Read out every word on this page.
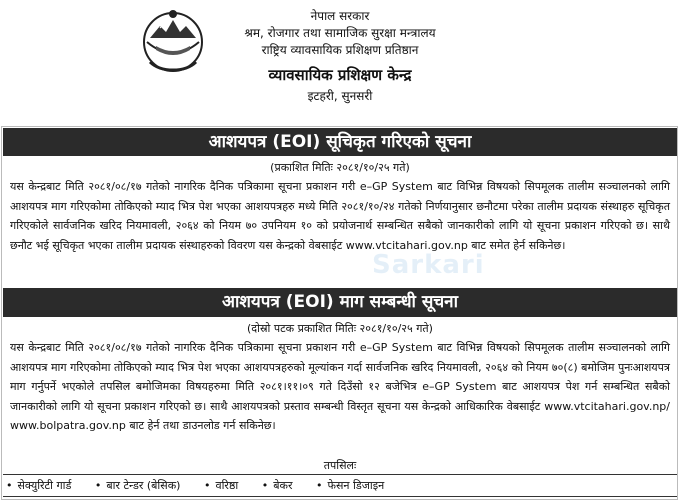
नेपाल सरकार
श्रम, रोजगार तथा सामाजिक सुरक्षा मन्त्रालय
राष्ट्रिय व्यावसायिक प्रशिक्षण प्रतिष्ठान
व्यावसायिक प्रशिक्षण केन्द्र
इटहरी, सुनसरी
आशयपत्र (EOI) सूचिकृत गरिएको सूचना
(प्रकाशित मितिः २०८१/१०/२५ गते)
यस केन्द्रबाट मिति २०८१/०८/१७ गतेको नागरिक दैनिक पत्रिकामा सूचना प्रकाशन गरी e–GP System बाट विभिन्न विषयको सिपमूलक तालीम सञ्चालनको लागि आशयपत्र माग गरिएकोमा तोकिएको म्याद भित्र पेश भएका आशयपत्रहरु मध्ये मिति २०८१/१०/२४ गतेको निर्णयानुसार छनौटमा परेका तालीम प्रदायक संस्थाहरु सूचिकृत गरिएकोले सार्वजनिक खरिद नियमावली, २०६४ को नियम ७० उपनियम १० को प्रयोजनार्थ सम्बन्धित सबैको जानकारीको लागि यो सूचना प्रकाशन गरिएको छ। साथै छनौट भई सूचिकृत भएका तालीम प्रदायक संस्थाहरुको विवरण यस केन्द्रको वेबसाईट www.vtcitahari.gov.np बाट समेत हेर्न सकिनेछ।
Sarkari
आशयपत्र (EOI) माग सम्बन्धी सूचना
(दोस्रो पटक प्रकाशित मितिः २०८१/१०/२५ गते)
यस केन्द्रबाट मिति २०८१/०८/१७ गतेको नागरिक दैनिक पत्रिकामा सूचना प्रकाशन गरी e–GP System बाट विभिन्न विषयको सिपमूलक तालीम सञ्चालनको लागि आशयपत्र माग गरिएकोमा तोकिएको म्याद भित्र पेश भएका आशयपत्रहरुको मूल्यांकन गर्दा सार्वजनिक खरिद नियमावली, २०६४ को नियम ७०(८) बमोजिम पुनःआशयपत्र माग गर्नुपर्ने भएकोले तपसिल बमोजिमका विषयहरुमा मिति २०८१।११।०९ गते दिउँसो १२ बजेभित्र e–GP System बाट आशयपत्र पेश गर्न सम्बन्धित सबैको जानकारीको लागि यो सूचना प्रकाशन गरिएको छ। साथै आशयपत्रको प्रस्ताव सम्बन्धी विस्तृत सूचना यस केन्द्रको आधिकारिक वेबसाईट www.vtcitahari.gov.np/ www.bolpatra.gov.np बाट हेर्न तथा डाउनलोड गर्न सकिनेछ।
तपसिलः
• सेक्युरिटी गार्ड	• बार टेन्डर (बेसिक)	• वरिष्ठा	• बेकर	• फेसन डिजाइन
